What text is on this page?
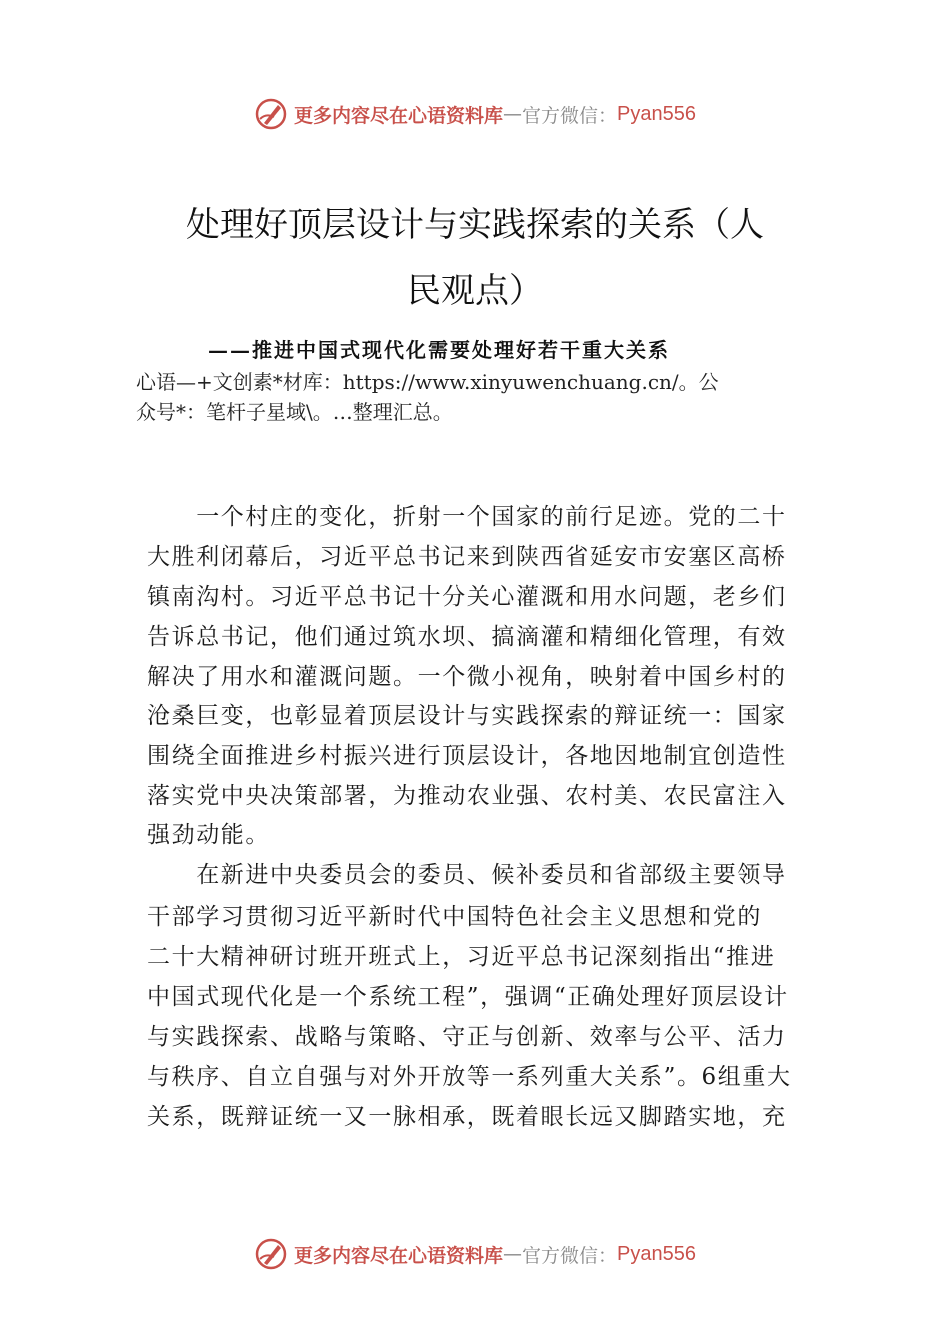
更多内容尽在心语资料库 — 官方微信： Pyan556
处理好顶层设计与实践探索的关系（人
民观点）
——推进中国式现代化需要处理好若干重大关系
心语—+文创素*材库：https://www.xinyuwenchuang.cn/。公
众号*：笔杆子星域\。…整理汇总。
　　一个村庄的变化，折射一个国家的前行足迹。党的二十
大胜利闭幕后，习近平总书记来到陕西省延安市安塞区高桥
镇南沟村。习近平总书记十分关心灌溉和用水问题，老乡们
告诉总书记，他们通过筑水坝、搞滴灌和精细化管理，有效
解决了用水和灌溉问题。一个微小视角，映射着中国乡村的
沧桑巨变，也彰显着顶层设计与实践探索的辩证统一：国家
围绕全面推进乡村振兴进行顶层设计，各地因地制宜创造性
落实党中央决策部署，为推动农业强、农村美、农民富注入
强劲动能。
　　在新进中央委员会的委员、候补委员和省部级主要领导
干部学习贯彻习近平新时代中国特色社会主义思想和党的
二十大精神研讨班开班式上，习近平总书记深刻指出“推进
中国式现代化是一个系统工程”，强调“正确处理好顶层设计
与实践探索、战略与策略、守正与创新、效率与公平、活力
与秩序、自立自强与对外开放等一系列重大关系”。6组重大
关系，既辩证统一又一脉相承，既着眼长远又脚踏实地，充
更多内容尽在心语资料库 — 官方微信： Pyan556
